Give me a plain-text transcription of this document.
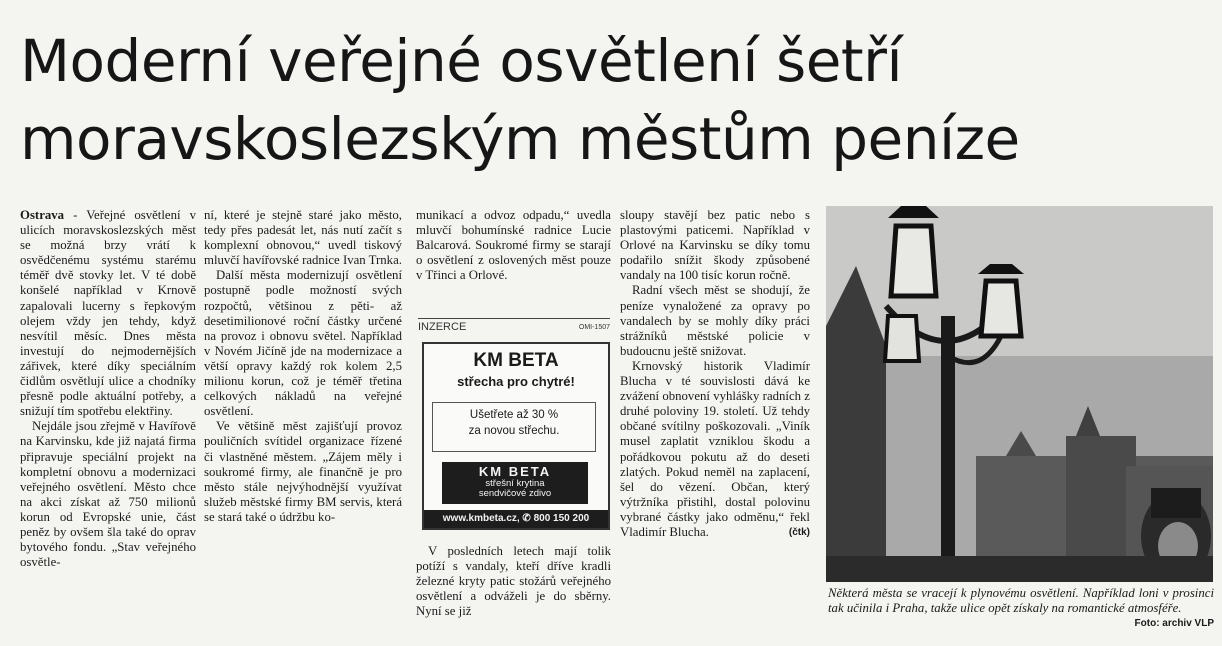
Moderní veřejné osvětlení šetří
moravskoslezským městům peníze

Ostrava - Veřejné osvětlení v ulicích moravskoslezských měst se možná brzy vrátí k osvědčenému systému starému téměř dvě stovky let. V té době konšelé například v Krnově zapalovali lucerny s řepkovým olejem vždy jen tehdy, když nesvítil měsíc. Dnes města investují do nejmodernějších zářivek, které díky speciálním čidlům osvětlují ulice a chodníky přesně podle aktuální potřeby, a snižují tím spotřebu elektřiny.

Nejdále jsou zřejmě v Havířově na Karvinsku, kde již najatá firma připravuje speciální projekt na kompletní obnovu a modernizaci veřejného osvětlení. Město chce na akci získat až 750 milionů korun od Evropské unie, část peněz by ovšem šla také do oprav bytového fondu. „Stav veřejného osvětle-

ní, které je stejně staré jako město, tedy přes padesát let, nás nutí začít s komplexní obnovou,“ uvedl tiskový mluvčí havířovské radnice Ivan Trnka.

Další města modernizují osvětlení postupně podle možností svých rozpočtů, většinou z pěti- až desetimilionové roční částky určené na provoz i obnovu světel. Například v Novém Jičíně jde na modernizace a větší opravy každý rok kolem 2,5 milionu korun, což je téměř třetina celkových nákladů na veřejné osvětlení.

Ve většině měst zajišťují provoz pouličních svítidel organizace řízené či vlastněné městem. „Zájem měly i soukromé firmy, ale finančně je pro město stále nejvýhodnější využívat služeb městské firmy BM servis, která se stará také o údržbu ko-

munikací a odvoz odpadu,“ uvedla mluvčí bohumínské radnice Lucie Balcarová. Soukromé firmy se starají o osvětlení z oslovených měst pouze v Třinci a Orlové.

INZERCE	OMI-1507
KM BETA
střecha pro chytré!
Ušetřete až 30 %
za novou střechu.
KM BETA
střešní krytina
sendvičové zdivo
www.kmbeta.cz, ✆ 800 150 200

V posledních letech mají tolik potíží s vandaly, kteří dříve kradli železné kryty patic stožárů veřejného osvětlení a odváželi je do sběrny. Nyní se již

sloupy stavějí bez patic nebo s plastovými paticemi. Například v Orlové na Karvinsku se díky tomu podařilo snížit škody způsobené vandaly na 100 tisíc korun ročně.

Radní všech měst se shodují, že peníze vynaložené za opravy po vandalech by se mohly díky práci strážníků městské policie v budoucnu ještě snižovat.

Krnovský historik Vladimír Blucha v té souvislosti dává ke zvážení obnovení vyhlášky radních z druhé poloviny 19. století. Už tehdy občané svítilny poškozovali. „Viník musel zaplatit vzniklou škodu a pořádkovou pokutu až do deseti zlatých. Pokud neměl na zaplacení, šel do vězení. Občan, který výtržníka přistihl, dostal polovinu vybrané částky jako odměnu,“ řekl Vladimír Blucha.	(čtk)

Některá města se vracejí k plynovému osvětlení. Například loni v prosinci tak učinila i Praha, takže ulice opět získaly na romantické atmosféře.
Foto: archiv VLP
